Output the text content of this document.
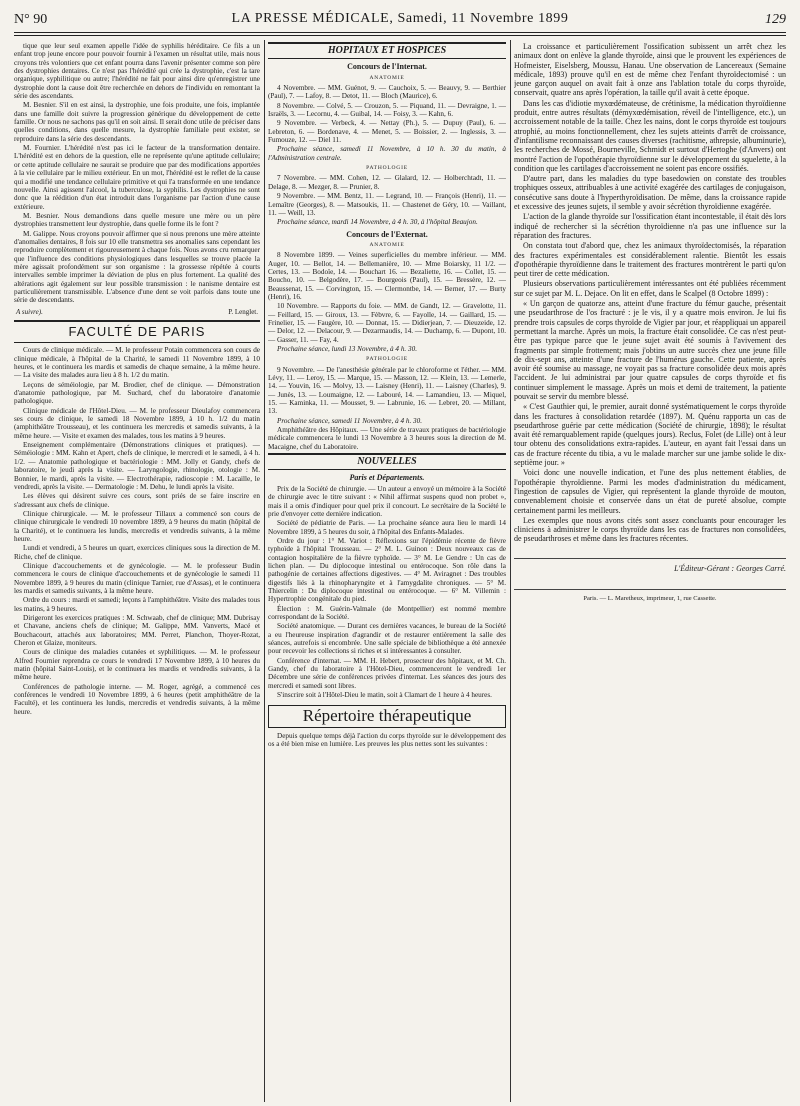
N° 90	LA PRESSE MÉDICALE, Samedi, 11 Novembre 1899	129

tique que leur seul examen appelle l'idée de syphilis héréditaire. Ce fils a un enfant trop jeune encore pour pouvoir fournir à l'examen un résultat utile, mais nous croyons très volontiers que cet enfant pourra dans l'avenir présenter comme son père des dystrophies dentaires. Ce n'est pas l'hérédité qui crée la dystrophie, c'est la tare organique, syphilitique ou autre; l'hérédité ne fait pour ainsi dire qu'enregistrer une dystrophie dont la cause doit être recherchée en dehors de l'individu en remontant la série des ascendants.

M. Besnier. S'il en est ainsi, la dystrophie, une fois produite, une fois, implantée dans une famille doit suivre la progression générique du développement de cette famille. Or nous ne sachons pas qu'il en soit ainsi. Il serait donc utile de préciser dans quelles conditions, dans quelle mesure, la dystrophie familiale peut exister, se reproduire dans la série des descendants.

M. Fournier. L'hérédité n'est pas ici le facteur de la transformation dentaire. L'hérédité est en dehors de la question, elle ne représente qu'une aptitude cellulaire; or cette aptitude cellulaire ne saurait se produire que par des modifications apportées à la vie cellulaire par le milieu extérieur. En un mot, l'hérédité est le reflet de la cause qui a modifié une tendance cellulaire primitive et qui l'a transformée en une tendance nouvelle. Ainsi agissent l'alcool, la tuberculose, la syphilis. Les dystrophies ne sont donc que la réédition d'un état introduit dans l'organisme par l'action d'une cause extérieure.

M. Besnier. Nous demandions dans quelle mesure une mère ou un père dystrophies transmettent leur dystrophie, dans quelle forme ils le font ?

M. Galippe. Nous croyons pouvoir affirmer que si nous prenons une mère atteinte d'anomalies dentaires, 8 fois sur 10 elle transmettra ses anomalies sans cependant les reproduire complètement et rigoureusement à chaque fois. Nous avons cru remarquer que l'influence des conditions physiologiques dans lesquelles se trouve placée la mère agissait profondément sur son organisme : la grossesse répétée à courts intervalles semble imprimer la déviation de plus en plus fortement. La qualité des altérations agit également sur leur possible transmission : le nanisme dentaire est particulièrement transmissible. L'absence d'une dent se voit parfois dans toute une série de descendants.

A suivre).	P. Lenglet.
FACULTÉ DE PARIS

Cours de clinique médicale. — M. le professeur Potain commencera son cours de clinique médicale, à l'hôpital de la Charité, le samedi 11 Novembre 1899, à 10 heures, et le continuera les mardis et samedis de chaque semaine, à la même heure. — La visite des malades aura lieu à 8 h. 1/2 du matin.

Leçons de séméiologie, par M. Brodier, chef de clinique. — Démonstration d'anatomie pathologique, par M. Suchard, chef du laboratoire d'anatomie pathologique.

Clinique médicale de l'Hôtel-Dieu. — M. le professeur Dieulafoy commencera ses cours de clinique, le samedi 18 Novembre 1899, à 10 h. 1/2 du matin (amphithéâtre Trousseau), et les continuera les mercredis et samedis suivants, à la même heure. — Visite et examen des malades, tous les matins à 9 heures.

Enseignement complémentaire (Démonstrations cliniques et pratiques). — Séméiologie : MM. Kahn et Apert, chefs de clinique, le mercredi et le samedi, à 4 h. 1/2. — Anatomie pathologique et bactériologie : MM. Jolly et Gandy, chefs de laboratoire, le jeudi après la visite. — Laryngologie, rhinologie, otologie : M. Bonnier, le mardi, après la visite. — Electrothérapie, radioscopie : M. Lacaille, le vendredi, après la visite. — Dermatologie : M. Dehu, le lundi après la visite.

Les élèves qui désirent suivre ces cours, sont priés de se faire inscrire en s'adressant aux chefs de clinique.

Clinique chirurgicale. — M. le professeur Tillaux a commencé son cours de clinique chirurgicale le vendredi 10 novembre 1899, à 9 heures du matin (hôpital de la Charité), et le continuera les lundis, mercredis et vendredis suivants, à la même heure.

Lundi et vendredi, à 5 heures un quart, exercices cliniques sous la direction de M. Riche, chef de clinique.

Clinique d'accouchements et de gynécologie. — M. le professeur Budin commencera le cours de clinique d'accouchements et de gynécologie le samedi 11 Novembre 1899, à 9 heures du matin (clinique Tarnier, rue d'Assas), et le continuera les mardis et samedis suivants, à la même heure.

Ordre du cours : mardi et samedi; leçons à l'amphithéâtre. Visite des malades tous les matins, à 9 heures.

Dirigeront les exercices pratiques : M. Schwaab, chef de clinique; MM. Dubrisay et Chavane, anciens chefs de clinique; M. Galippe, MM. Vanverts, Macé et Bouchacourt, attachés aux laboratoires; MM. Perret, Planchon, Thoyer-Rozat, Cheron et Glaize, moniteurs.

Cours de clinique des maladies cutanées et syphilitiques. — M. le professeur Alfred Fournier reprendra ce cours le vendredi 17 Novembre 1899, à 10 heures du matin (hôpital Saint-Louis), et le continuera les mardis et vendredis suivants, à la même heure.

Conférences de pathologie interne. — M. Roger, agrégé, a commencé ces conférences le vendredi 10 Novembre 1899, à 6 heures (petit amphithéâtre de la Faculté), et les continuera les lundis, mercredis et vendredis suivants, à la même heure.

HOPITAUX ET HOSPICES
Concours de l'Internat.
ANATOMIE

4 Novembre. — MM. Guénot, 9. — Cauchoix, 5. — Beauvy, 9. — Berthier (Paul), 7. — Lafoy, 8. — Detot, 11. — Bloch (Maurice), 6.

8 Novembre. — Colvé, 5. — Crouzon, 5. — Piquand, 11. — Devraigne, 1. — Israëls, 3. — Lecornu, 4. — Guibal, 14. — Foisy, 3. — Kahn, 6.

9 Novembre. — Verbeck, 4. — Nettay (Ph.), 5. — Dupuy (Paul), 6. — Lebreton, 6. — Bordenave, 4. — Menet, 5. — Boissier, 2. — Inglessis, 3. — Fumouze, 12. — Diel 11.

Prochaine séance, samedi 11 Novembre, à 10 h. 30 du matin, à l'Administration centrale.

PATHOLOGIE

7 Novembre. — MM. Cohen, 12. — Glalard, 12. — Holberchtadt, 11. — Delage, 8. — Mezger, 8. — Prunier, 8.

9 Novembre. — MM. Bentz, 11. — Legrand, 10. — François (Henri), 11. — Lemaître (Georges), 8. — Matsoukis, 11. — Chastenet de Géry, 10. — Vaillant, 11. — Weill, 13.

Prochaine séance, mardi 14 Novembre, à 4 h. 30, à l'hôpital Beaujon.

Concours de l'Externat.
ANATOMIE

8 Novembre 1899. — Veines superficielles du membre inférieur. — MM. Auger, 10. — Bellot, 14. — Bellemanière, 10. — Mme Boiarsky, 11 1/2. — Certes, 13. — Bodoïe, 14. — Bouchart 16. — Bezaliette, 16. — Collet, 15. — Boucho, 10. — Belgodère, 17. — Bourgeois (Paul), 15. — Bressère, 12. — Beaussenat, 15. — Corvington, 15. — Clermontbe, 14. — Berner, 17. — Burty (Henri), 16.

10 Novembre. — Rapports du foie. — MM. de Gandt, 12. — Gravelotte, 11. — Feillard, 15. — Giroux, 13. — Fèbvre, 6. — Fayolle, 14. — Gaillard, 15. — Frinelier, 15. — Faugère, 10. — Donnat, 15. — Didierjean, 7. — Dieuzeide, 12. — Delor, 12. — Delacour, 9. — Dezarmaudis, 14. — Duchamp, 6. — Dupont, 10. — Gasser, 11. — Fay, 4.

Prochaine séance, lundi 13 Novembre, à 4 h. 30.

PATHOLOGIE

9 Novembre. — De l'anesthésie générale par le chloroforme et l'éther. — MM. Lévy, 11. — Leroy, 15. — Marque, 15. — Masson, 12. — Klein, 13. — Lemerle, 14. — Youvin, 16. — Molvy, 13. — Laisney (Henri), 11. — Laisney (Charles), 9. — Junès, 13. — Loumaigne, 12. — Labouré, 14. — Lamandieu, 13. — Miquel, 15. — Kaminka, 11. — Mousset, 9. — Labrunie, 16. — Lebret, 20. — Millant, 13.

Prochaine séance, samedi 11 Novembre, à 4 h. 30.

Amphithéâtre des Hôpitaux. — Une série de travaux pratiques de bactériologie médicale commencera le lundi 13 Novembre à 3 heures sous la direction de M. Macaigne, chef du Laboratoire.

NOUVELLES
Paris et Départements.

Prix de la Société de chirurgie. — Un auteur a envoyé un mémoire à la Société de chirurgie avec le titre suivant : « Nihil affirmat suspens quod non probet », mais il a omis d'indiquer pour quel prix il concourt. Le secrétaire de la Société le prie d'envoyer cette dernière indication.

Société de pédiatrie de Paris. — La prochaine séance aura lieu le mardi 14 Novembre 1899, à 5 heures du soir, à l'hôpital des Enfants-Malades.

Ordre du jour : 1° M. Variot : Réflexions sur l'épidémie récente de fièvre typhoïde à l'hôpital Trousseau. — 2° M. L. Guinon : Deux nouveaux cas de contagion hospitalière de la fièvre typhoïde. — 3° M. Le Gendre : Un cas de lichen plan. — Du diplocoque intestinal ou entérocoque. Son rôle dans la pathogénie de certaines affections digestives. — 4° M. Aviragnet : Des troubles digestifs liés à la rhinopharyngite et à l'amygdalite chroniques. — 5° M. Thiercelin : Du diplocoque intestinal ou entérocoque. — 6° M. Villemin : Hypertrophie congénitale du pied.

Élection : M. Guérin-Valmale (de Montpellier) est nommé membre correspondant de la Société.

Société anatomique. — Durant ces dernières vacances, le bureau de la Société a eu l'heureuse inspiration d'agrandir et de restaurer entièrement la salle des séances, autrefois si encombrée. Une salle spéciale de bibliothèque a été annexée pour recevoir les collections si riches et si intéressantes à consulter.

Conférence d'internat. — MM. H. Hebert, prosecteur des hôpitaux, et M. Ch. Gandy, chef du laboratoire à l'Hôtel-Dieu, commenceront le vendredi 1er Décembre une série de conférences privées d'internat. Les séances des jours des mercredi et samedi sont libres.

S'inscrire soit à l'Hôtel-Dieu le matin, soit à Clamart de 1 heure à 4 heures.

Répertoire thérapeutique

Depuis quelque temps déjà l'action du corps thyroïde sur le développement des os a été bien mise en lumière. Les preuves les plus nettes sont les suivantes :

La croissance et particulièrement l'ossification subissent un arrêt chez les animaux dont on enlève la glande thyroïde, ainsi que le prouvent les expériences de Hofmeister, Eiselsberg, Moussu, Hanau. Une observation de Lancereaux (Semaine médicale, 1893) prouve qu'il en est de même chez l'enfant thyroïdectomisé : un jeune garçon auquel on avait fait à onze ans l'ablation totale du corps thyroïde, conservait, quatre ans après l'opération, la taille qu'il avait à cette époque.

Dans les cas d'idiotie myxœdémateuse, de crétinisme, la médication thyroïdienne produit, entre autres résultats (démyxœdémisation, réveil de l'intelligence, etc.), un accroissement notable de la taille. Chez les nains, dont le corps thyroïde est toujours atrophié, au moins fonctionnellement, chez les sujets atteints d'arrêt de croissance, d'infantilisme reconnaissant des causes diverses (rachitisme, athrepsie, albuminurie), les recherches de Mossé, Bourneville, Schmidt et surtout d'Hertoghe (d'Anvers) ont montré l'action de l'opothérapie thyroïdienne sur le développement du squelette, à la condition que les cartilages d'accroissement ne soient pas encore ossifiés.

D'autre part, dans les maladies du type basedowien on constate des troubles trophiques osseux, attribuables à une activité exagérée des cartilages de conjugaison, consécutive sans doute à l'hyperthyroïdisation. De même, dans la croissance rapide et excessive des jeunes sujets, il semble y avoir sécrétion thyroïdienne exagérée.

L'action de la glande thyroïde sur l'ossification étant incontestable, il était dès lors indiqué de rechercher si la sécrétion thyroïdienne n'a pas une influence sur la réparation des fractures.

On constata tout d'abord que, chez les animaux thyroïdectomisés, la réparation des fractures expérimentales est considérablement ralentie. Bientôt les essais d'opothérapie thyroïdienne dans le traitement des fractures montrèrent le parti qu'on peut tirer de cette médication.

Plusieurs observations particulièrement intéressantes ont été publiées récemment sur ce sujet par M. L. Dejace. On lit en effet, dans le Scalpel (8 Octobre 1899) :

« Un garçon de quatorze ans, atteint d'une fracture du fémur gauche, présentait une pseudarthrose de l'os fracturé : je le vis, il y a quatre mois environ. Je lui fis prendre trois capsules de corps thyroïde de Vigier par jour, et réappliquai un appareil permettant la marche. Après un mois, la fracture était consolidée. Ce cas n'est peut-être pas typique parce que le jeune sujet avait été soumis à l'avivement des fragments par simple frottement; mais j'obtins un autre succès chez une jeune fille de dix-sept ans, atteinte d'une fracture de l'humérus gauche. Cette patiente, après avoir été soumise au massage, ne voyait pas sa fracture consolidée deux mois après l'accident. Je lui administrai par jour quatre capsules de corps thyroïde et fis continuer simplement le massage. Après un mois et demi de traitement, la patiente pouvait se servir du membre blessé.

« C'est Gauthier qui, le premier, aurait donné systématiquement le corps thyroïde dans les fractures à consolidation retardée (1897). M. Quénu rapporta un cas de pseudarthrose guérie par cette médication (Société de chirurgie, 1898); le résultat avait été remarquablement rapide (quelques jours). Reclus, Folet (de Lille) ont à leur tour obtenu des consolidations extra-rapides. L'auteur, en ayant fait l'essai dans un cas de fracture récente du tibia, a vu le malade marcher sur une jambe solide le dix-septième jour. »

Voici donc une nouvelle indication, et l'une des plus nettement établies, de l'opothérapie thyroïdienne. Parmi les modes d'administration du médicament, l'ingestion de capsules de Vigier, qui représentent la glande thyroïde de mouton, convenablement choisie et conservée dans un état de pureté absolue, compte certainement parmi les meilleurs.

Les exemples que nous avons cités sont assez concluants pour encourager les cliniciens à administrer le corps thyroïde dans les cas de fractures non consolidées, de pseudarthroses et même dans les fractures récentes.

L'Éditeur-Gérant : Georges Carré.
Paris. — L. Maretheux, imprimeur, 1, rue Cassette.
